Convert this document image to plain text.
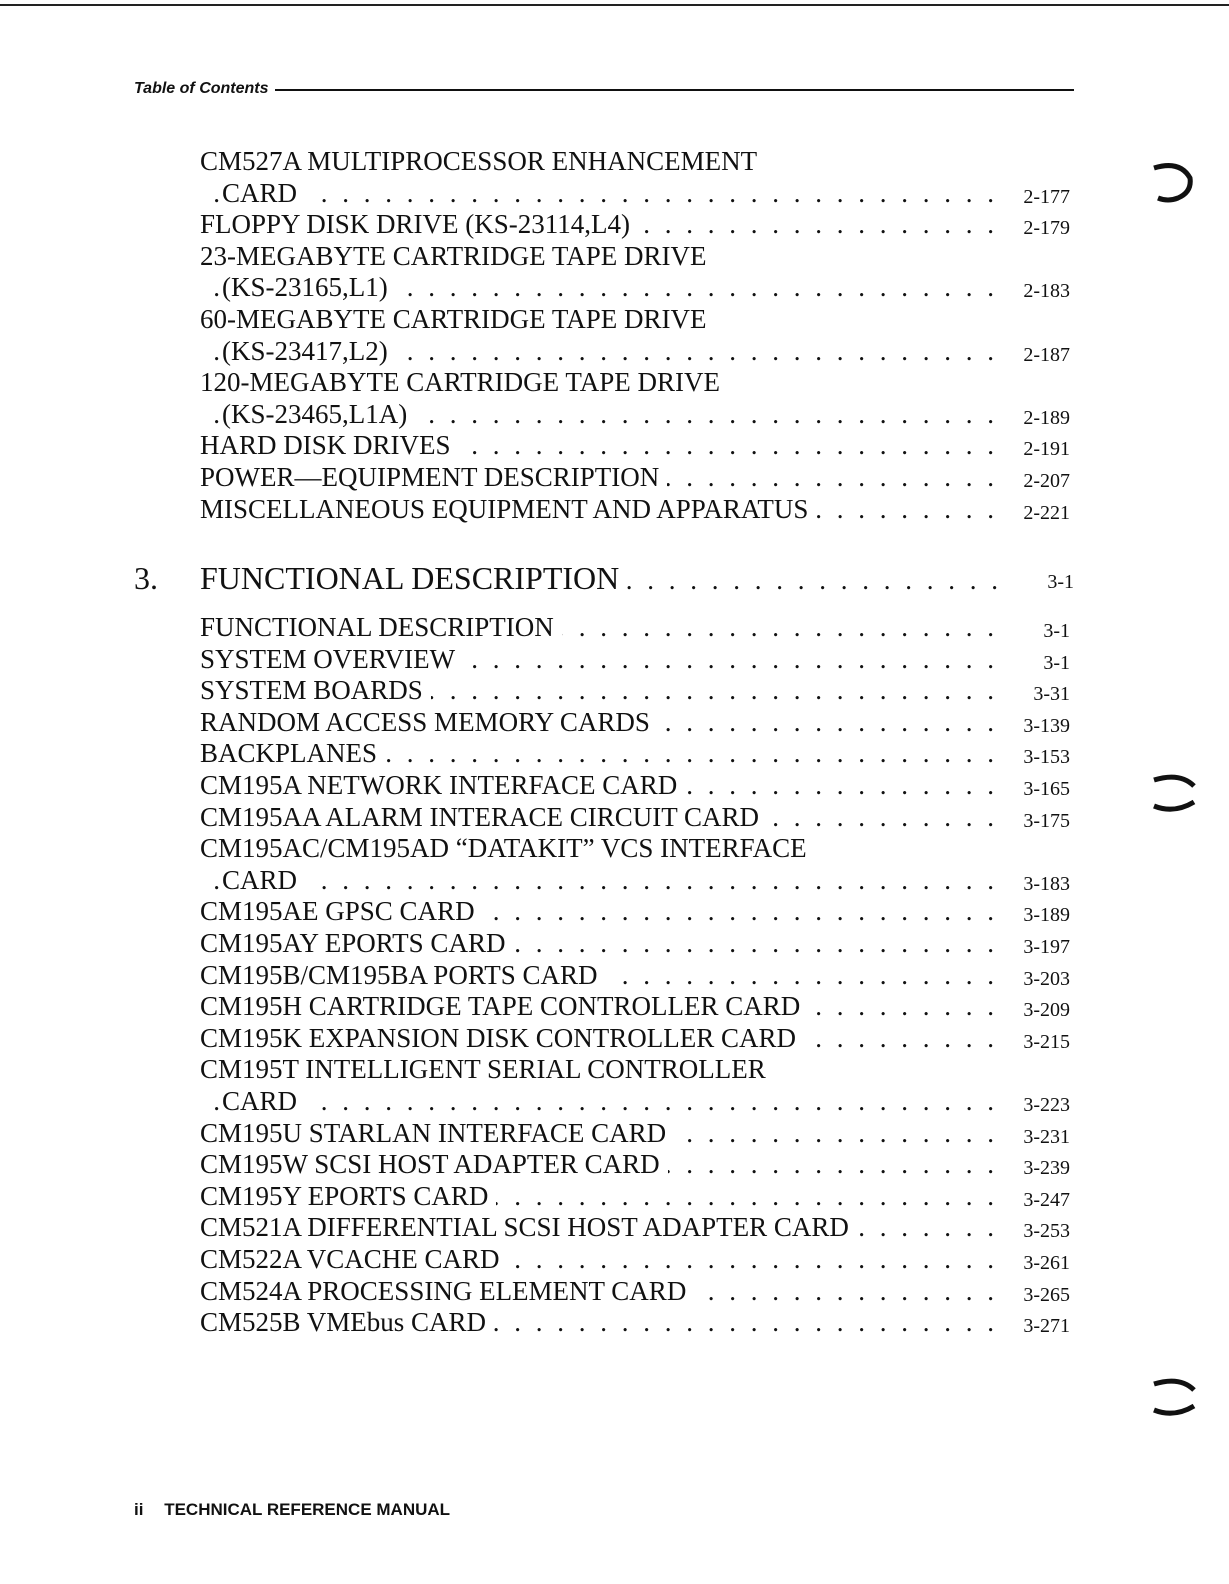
Table of Contents
CM527A MULTIPROCESSOR ENHANCEMENT
. . .
CARD	2-177
. . .
FLOPPY DISK DRIVE (KS-23114,L4)	2-179
23-MEGABYTE CARTRIDGE TAPE DRIVE
. . .
(KS-23165,L1)	2-183
60-MEGABYTE CARTRIDGE TAPE DRIVE
. . .
(KS-23417,L2)	2-187
120-MEGABYTE CARTRIDGE TAPE DRIVE
. . .
(KS-23465,L1A)	2-189
. . .
HARD DISK DRIVES	2-191
. . .
POWER—EQUIPMENT DESCRIPTION	2-207
. . .
MISCELLANEOUS EQUIPMENT AND APPARATUS	2-221
3.
. . . FUNCTIONAL DESCRIPTION	3-1
. . .
FUNCTIONAL DESCRIPTION	3-1
. . .
SYSTEM OVERVIEW	3-1
. . .
SYSTEM BOARDS	3-31
. . .
RANDOM ACCESS MEMORY CARDS	3-139
. . .
BACKPLANES	3-153
. . .
CM195A NETWORK INTERFACE CARD	3-165
. . .
CM195AA ALARM INTERACE CIRCUIT CARD	3-175
CM195AC/CM195AD “DATAKIT” VCS INTERFACE
. . .
CARD	3-183
. . .
CM195AE GPSC CARD	3-189
. . .
CM195AY EPORTS CARD	3-197
. . .
CM195B/CM195BA PORTS CARD	3-203
. . .
CM195H CARTRIDGE TAPE CONTROLLER CARD	3-209
. . .
CM195K EXPANSION DISK CONTROLLER CARD	3-215
CM195T INTELLIGENT SERIAL CONTROLLER
. . .
CARD	3-223
. . .
CM195U STARLAN INTERFACE CARD	3-231
. . .
CM195W SCSI HOST ADAPTER CARD	3-239
. . .
CM195Y EPORTS CARD	3-247
. . .
CM521A DIFFERENTIAL SCSI HOST ADAPTER CARD	3-253
. . .
CM522A VCACHE CARD	3-261
. . .
CM524A PROCESSING ELEMENT CARD	3-265
. . .
CM525B VMEbus CARD	3-271
ii TECHNICAL REFERENCE MANUAL
